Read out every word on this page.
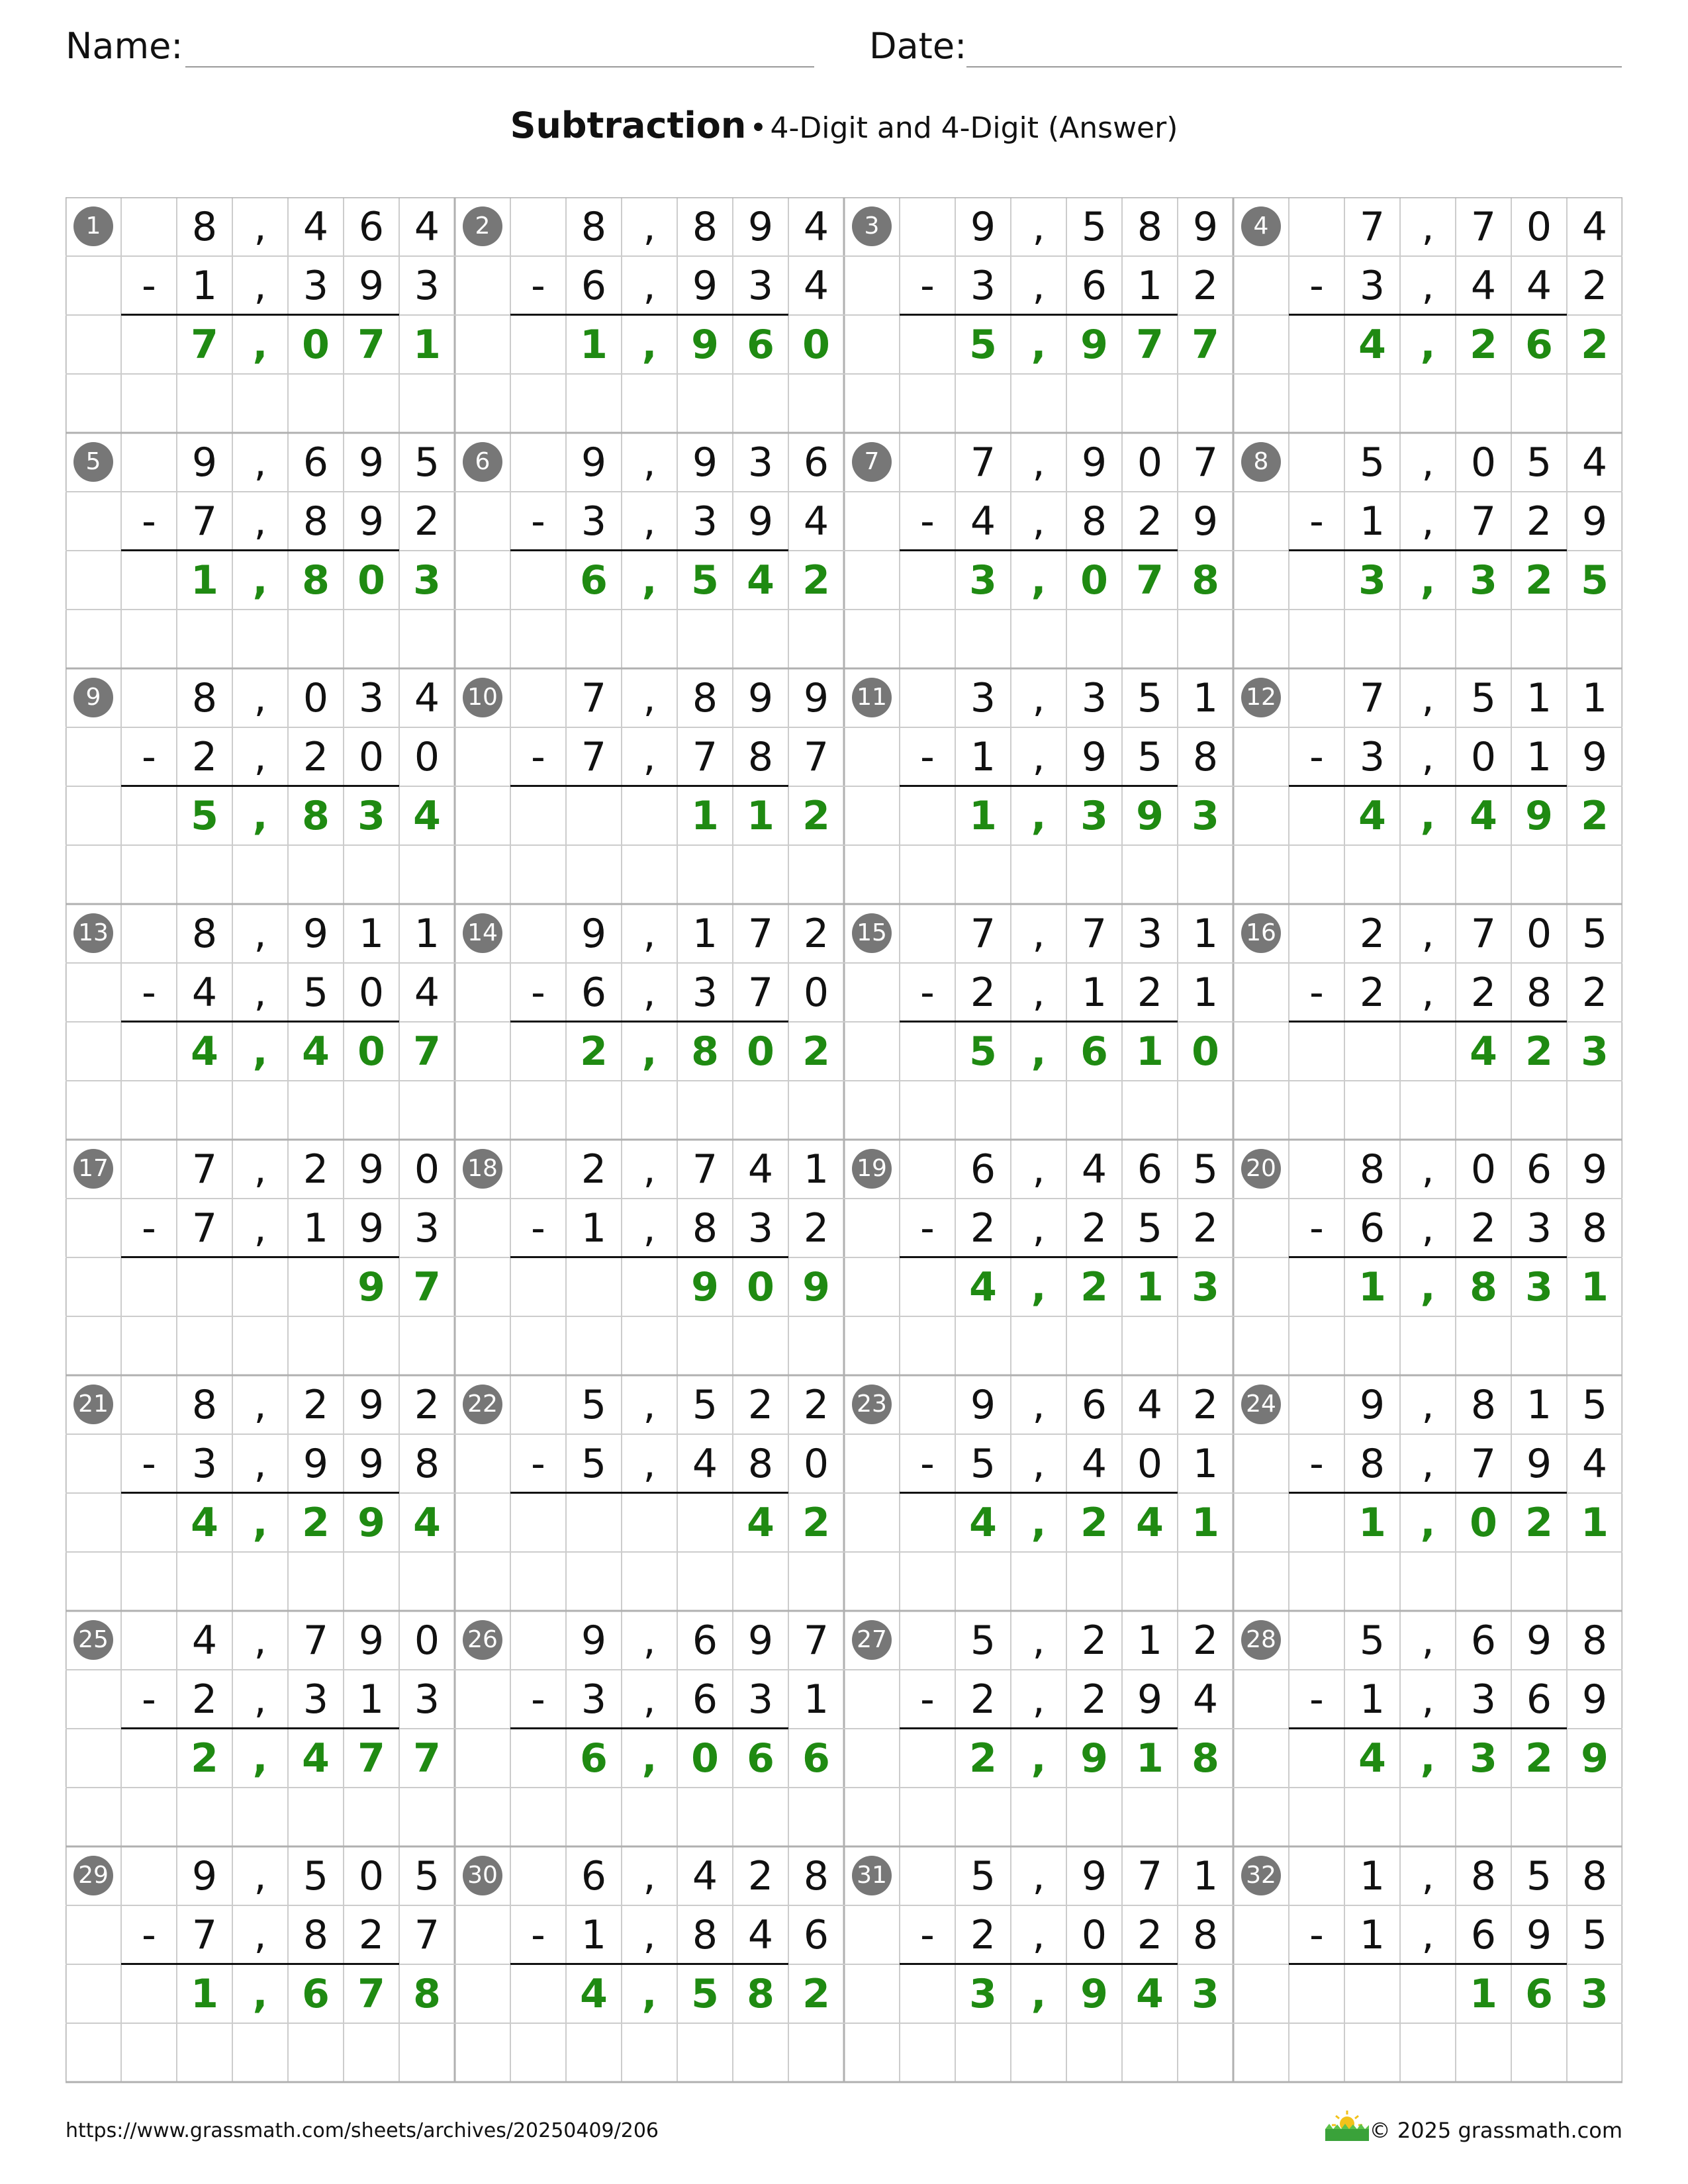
Name:	Date:
Subtraction • 4-Digit and 4-Digit (Answer)
1	8 , 4 6 4
- 1 , 3 9 3
7 , 0 7 1
2	8 , 8 9 4
- 6 , 9 3 4
1 , 9 6 0
3	9 , 5 8 9
- 3 , 6 1 2
5 , 9 7 7
4	7 , 7 0 4
- 3 , 4 4 2
4 , 2 6 2
5	9 , 6 9 5
- 7 , 8 9 2
1 , 8 0 3
6	9 , 9 3 6
- 3 , 3 9 4
6 , 5 4 2
7	7 , 9 0 7
- 4 , 8 2 9
3 , 0 7 8
8	5 , 0 5 4
- 1 , 7 2 9
3 , 3 2 5
9	8 , 0 3 4
- 2 , 2 0 0
5 , 8 3 4
10	7 , 8 9 9
- 7 , 7 8 7
1 1 2
11	3 , 3 5 1
- 1 , 9 5 8
1 , 3 9 3
12	7 , 5 1 1
- 3 , 0 1 9
4 , 4 9 2
13	8 , 9 1 1
- 4 , 5 0 4
4 , 4 0 7
14	9 , 1 7 2
- 6 , 3 7 0
2 , 8 0 2
15	7 , 7 3 1
- 2 , 1 2 1
5 , 6 1 0
16	2 , 7 0 5
- 2 , 2 8 2
4 2 3
17	7 , 2 9 0
- 7 , 1 9 3
9 7
18	2 , 7 4 1
- 1 , 8 3 2
9 0 9
19	6 , 4 6 5
- 2 , 2 5 2
4 , 2 1 3
20	8 , 0 6 9
- 6 , 2 3 8
1 , 8 3 1
21	8 , 2 9 2
- 3 , 9 9 8
4 , 2 9 4
22	5 , 5 2 2
- 5 , 4 8 0
4 2
23	9 , 6 4 2
- 5 , 4 0 1
4 , 2 4 1
24	9 , 8 1 5
- 8 , 7 9 4
1 , 0 2 1
25	4 , 7 9 0
- 2 , 3 1 3
2 , 4 7 7
26	9 , 6 9 7
- 3 , 6 3 1
6 , 0 6 6
27	5 , 2 1 2
- 2 , 2 9 4
2 , 9 1 8
28	5 , 6 9 8
- 1 , 3 6 9
4 , 3 2 9
29	9 , 5 0 5
- 7 , 8 2 7
1 , 6 7 8
30	6 , 4 2 8
- 1 , 8 4 6
4 , 5 8 2
31	5 , 9 7 1
- 2 , 0 2 8
3 , 9 4 3
32	1 , 8 5 8
- 1 , 6 9 5
1 6 3
https://www.grassmath.com/sheets/archives/20250409/206	© 2025 grassmath.com
